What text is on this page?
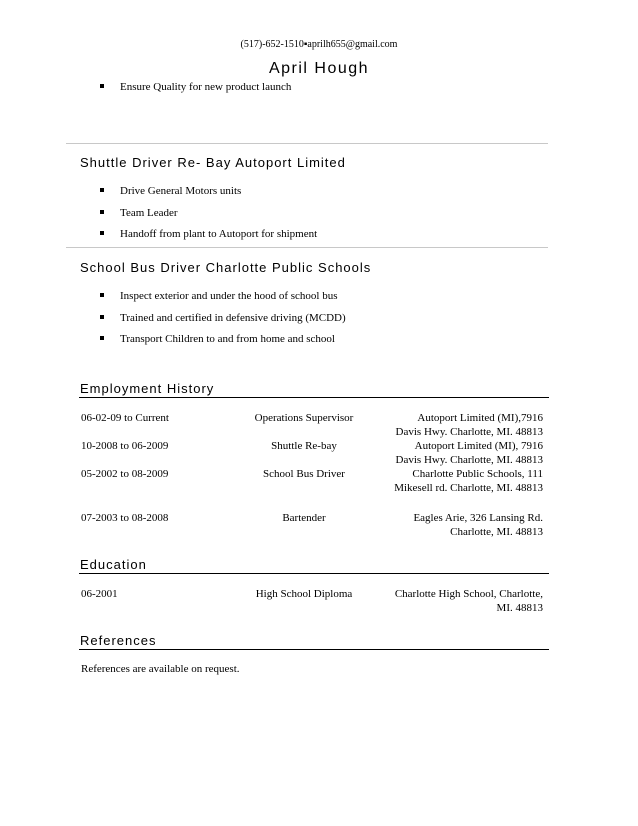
(517)-652-1510▪aprilh655@gmail.com
April Hough
Ensure Quality for new product launch
Shuttle Driver Re- Bay Autoport Limited
Drive General Motors units
Team Leader
Handoff from plant to Autoport for shipment
School Bus Driver Charlotte Public Schools
Inspect exterior and under the hood of school bus
Trained and certified in defensive driving (MCDD)
Transport Children to and from home and school
Employment History
06-02-09 to Current	Operations Supervisor	Autoport Limited (MI),7916
Davis Hwy. Charlotte, MI. 48813
10-2008 to 06-2009	Shuttle Re-bay	Autoport Limited (MI), 7916
Davis Hwy. Charlotte, MI. 48813
05-2002 to 08-2009	School Bus Driver	Charlotte Public Schools, 111
Mikesell rd. Charlotte, MI. 48813
07-2003 to 08-2008	Bartender	Eagles Arie, 326 Lansing Rd.
Charlotte, MI. 48813
Education
06-2001	High School Diploma	Charlotte High School, Charlotte,
MI. 48813
References
References are available on request.
